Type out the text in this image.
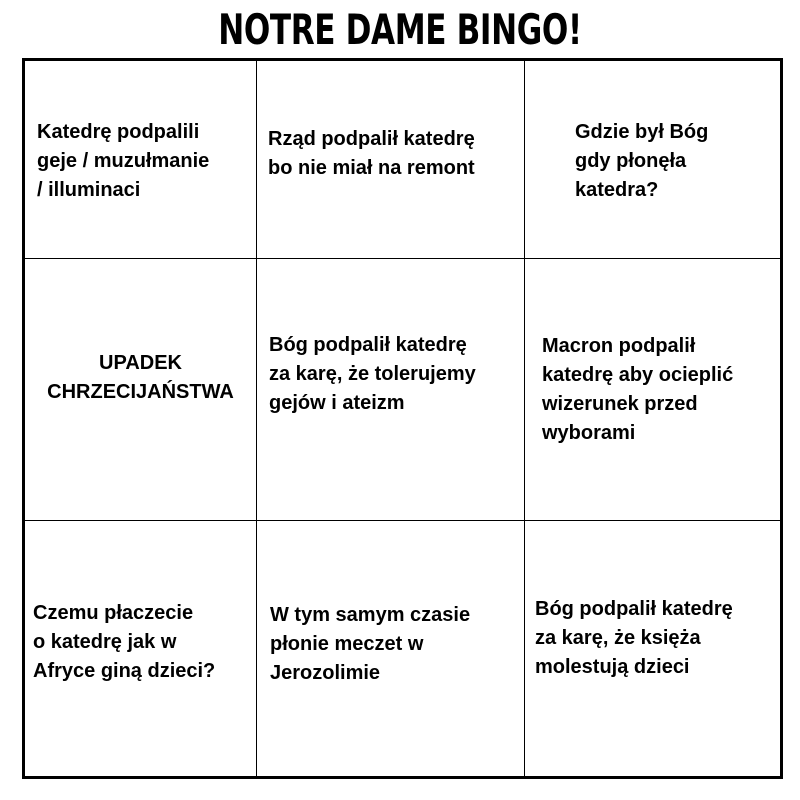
NOTRE DAME BINGO!
Katedrę podpalili
geje / muzułmanie
/ illuminaci
Rząd podpalił katedrę
bo nie miał na remont
Gdzie był Bóg
gdy płonęła
katedra?
UPADEK
CHRZECIJAŃSTWA
Bóg podpalił katedrę
za karę, że tolerujemy
gejów i ateizm
Macron podpalił
katedrę aby ocieplić
wizerunek przed
wyborami
Czemu płaczecie
o katedrę jak w
Afryce giną dzieci?
W tym samym czasie
płonie meczet w
Jerozolimie
Bóg podpalił katedrę
za karę, że księża
molestują dzieci
